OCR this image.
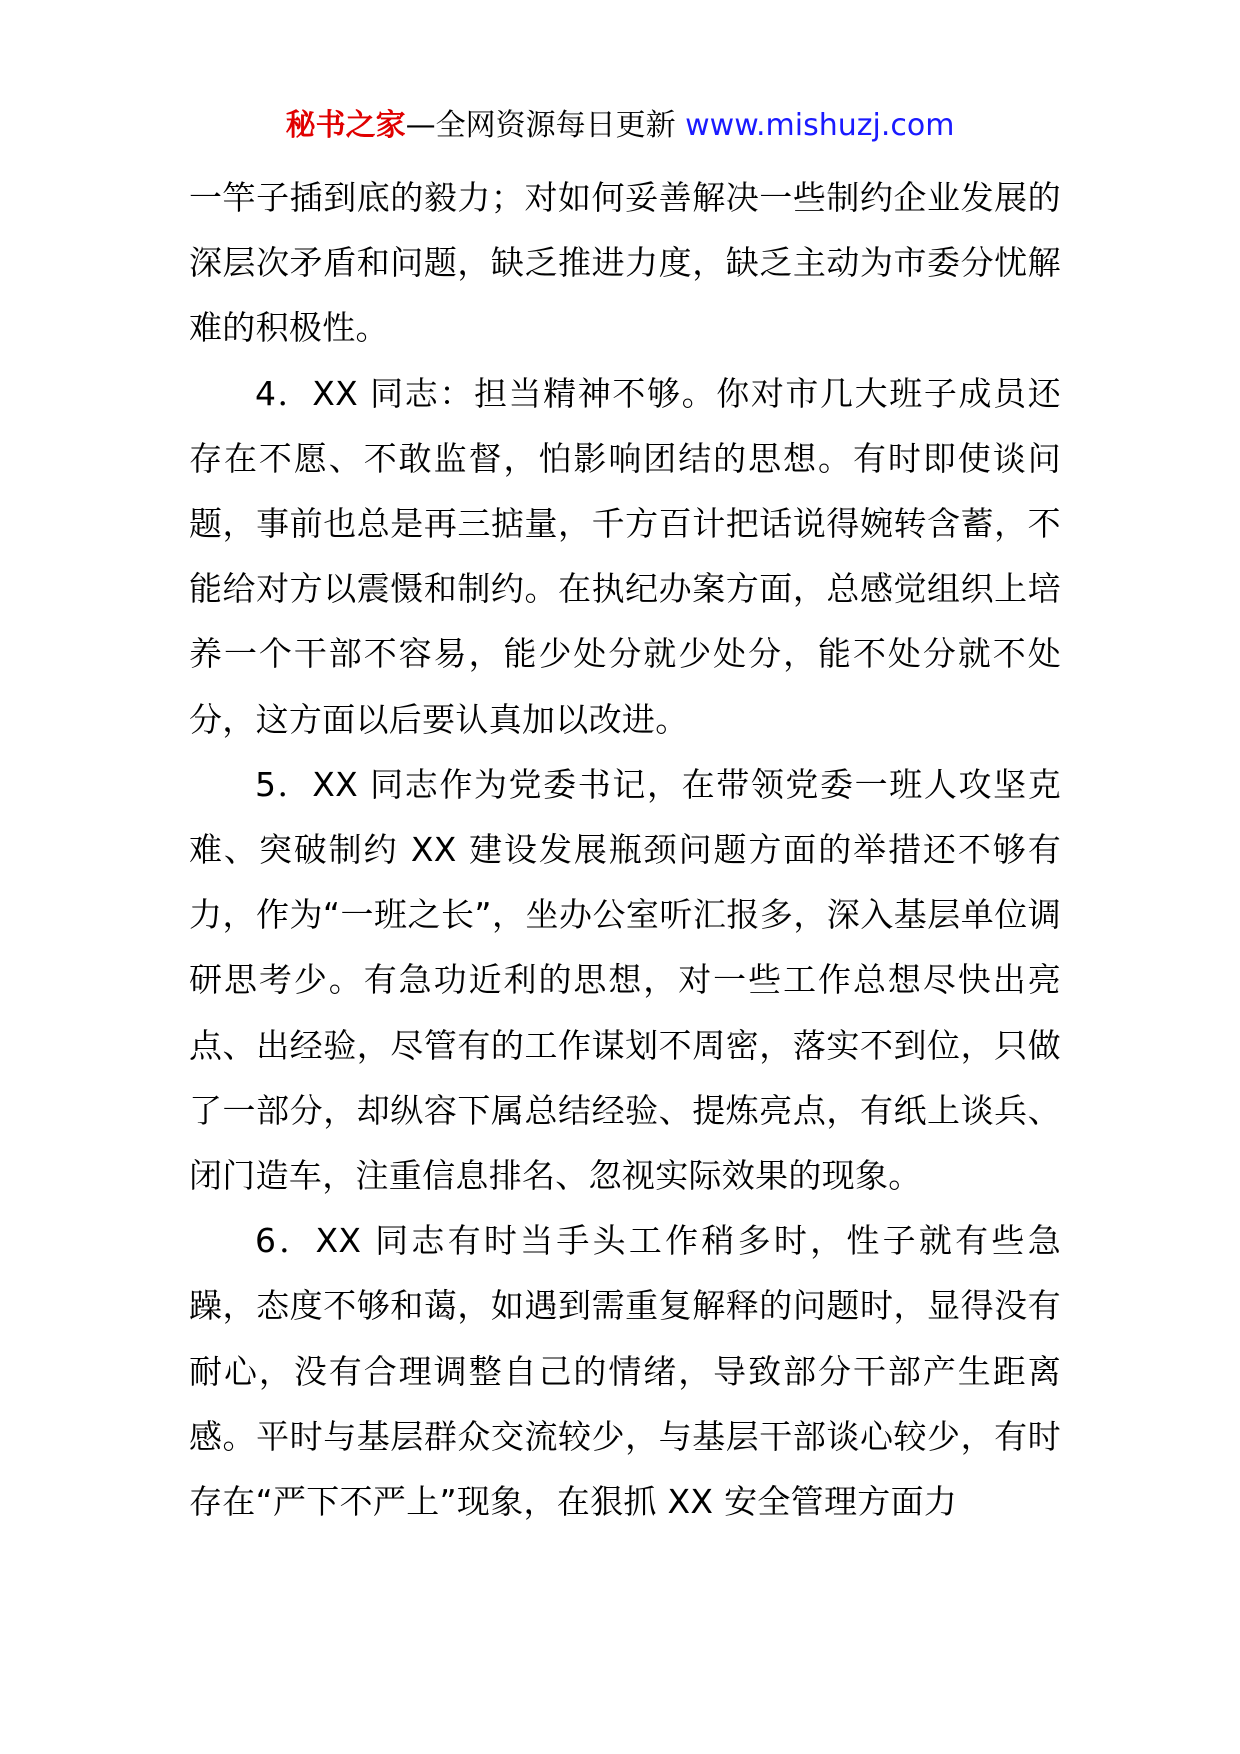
秘书之家—全网资源每日更新 www.mishuzj.com

一竿子插到底的毅力；对如何妥善解决一些制约企业发展的深层次矛盾和问题，缺乏推进力度，缺乏主动为市委分忧解难的积极性。

4．XX 同志：担当精神不够。你对市几大班子成员还存在不愿、不敢监督，怕影响团结的思想。有时即使谈问题，事前也总是再三掂量，千方百计把话说得婉转含蓄，不能给对方以震慑和制约。在执纪办案方面，总感觉组织上培养一个干部不容易，能少处分就少处分，能不处分就不处分，这方面以后要认真加以改进。

5．XX 同志作为党委书记，在带领党委一班人攻坚克难、突破制约 XX 建设发展瓶颈问题方面的举措还不够有力，作为“一班之长”，坐办公室听汇报多，深入基层单位调研思考少。有急功近利的思想，对一些工作总想尽快出亮点、出经验，尽管有的工作谋划不周密，落实不到位，只做了一部分，却纵容下属总结经验、提炼亮点，有纸上谈兵、闭门造车，注重信息排名、忽视实际效果的现象。

6．XX 同志有时当手头工作稍多时，性子就有些急躁，态度不够和蔼，如遇到需重复解释的问题时，显得没有耐心，没有合理调整自己的情绪，导致部分干部产生距离感。平时与基层群众交流较少，与基层干部谈心较少，有时存在“严下不严上”现象，在狠抓 XX 安全管理方面力
